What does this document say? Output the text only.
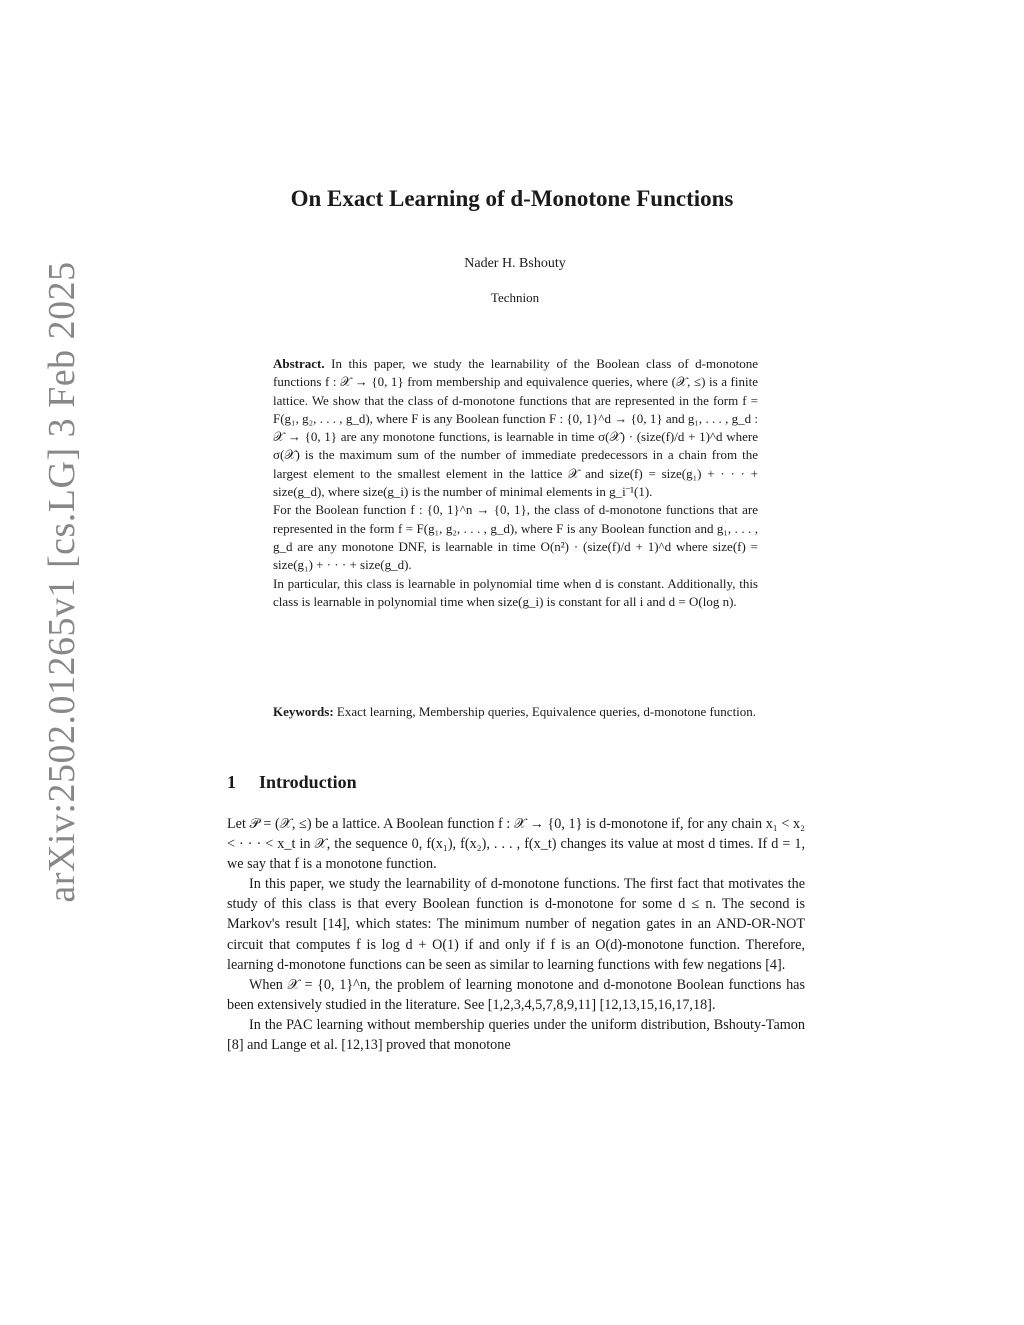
arXiv:2502.01265v1 [cs.LG] 3 Feb 2025
On Exact Learning of d-Monotone Functions
Nader H. Bshouty
Technion

Abstract. In this paper, we study the learnability of the Boolean class of d-monotone functions f : 𝒳 → {0, 1} from membership and equivalence queries, where (𝒳, ≤) is a finite lattice. We show that the class of d-monotone functions that are represented in the form f = F(g₁, g₂, . . . , g_d), where F is any Boolean function F : {0, 1}^d → {0, 1} and g₁, . . . , g_d : 𝒳 → {0, 1} are any monotone functions, is learnable in time σ(𝒳) · (size(f)/d + 1)^d where σ(𝒳) is the maximum sum of the number of immediate predecessors in a chain from the largest element to the smallest element in the lattice 𝒳 and size(f) = size(g₁) + · · · + size(g_d), where size(g_i) is the number of minimal elements in g_i⁻¹(1).

For the Boolean function f : {0, 1}^n → {0, 1}, the class of d-monotone functions that are represented in the form f = F(g₁, g₂, . . . , g_d), where F is any Boolean function and g₁, . . . , g_d are any monotone DNF, is learnable in time O(n²) · (size(f)/d + 1)^d where size(f) = size(g₁) + · · · + size(g_d).

In particular, this class is learnable in polynomial time when d is constant. Additionally, this class is learnable in polynomial time when size(g_i) is constant for all i and d = O(log n).

Keywords: Exact learning, Membership queries, Equivalence queries, d-monotone function.
1 Introduction

Let 𝒫 = (𝒳, ≤) be a lattice. A Boolean function f : 𝒳 → {0, 1} is d-monotone if, for any chain x₁ < x₂ < · · · < x_t in 𝒳, the sequence 0, f(x₁), f(x₂), . . . , f(x_t) changes its value at most d times. If d = 1, we say that f is a monotone function.

In this paper, we study the learnability of d-monotone functions. The first fact that motivates the study of this class is that every Boolean function is d-monotone for some d ≤ n. The second is Markov's result [14], which states: The minimum number of negation gates in an AND-OR-NOT circuit that computes f is log d + O(1) if and only if f is an O(d)-monotone function. Therefore, learning d-monotone functions can be seen as similar to learning functions with few negations [4].

When 𝒳 = {0, 1}^n, the problem of learning monotone and d-monotone Boolean functions has been extensively studied in the literature. See [1,2,3,4,5,7,8,9,11] [12,13,15,16,17,18].

In the PAC learning without membership queries under the uniform distribution, Bshouty-Tamon [8] and Lange et al. [12,13] proved that monotone
